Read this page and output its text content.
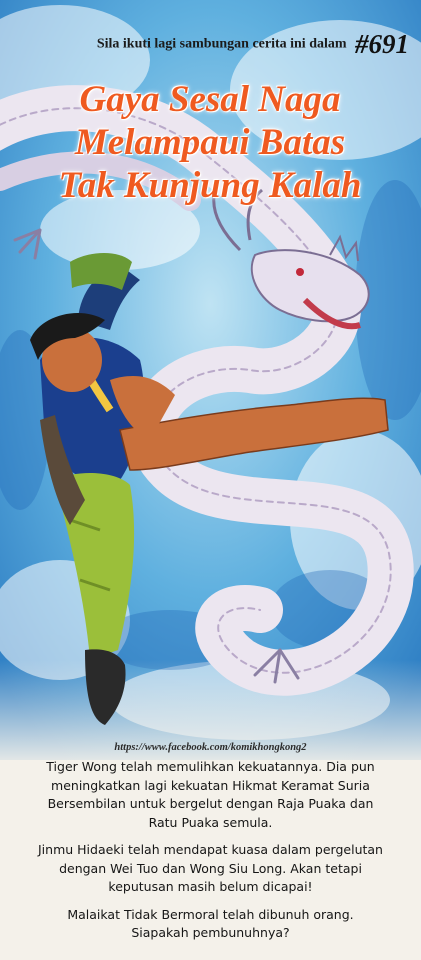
Sila ikuti lagi sambungan cerita ini dalam #691
Gaya Sesal Naga
Melampaui Batas
Tak Kunjung Kalah
https://www.facebook.com/komikhongkong2

Tiger Wong telah memulihkan kekuatannya. Dia pun
meningkatkan lagi kekuatan Hikmat Keramat Suria
Bersembilan untuk bergelut dengan Raja Puaka dan
Ratu Puaka semula.

Jinmu Hidaeki telah mendapat kuasa dalam pergelutan
dengan Wei Tuo dan Wong Siu Long. Akan tetapi
keputusan masih belum dicapai!

Malaikat Tidak Bermoral telah dibunuh orang.
Siapakah pembunuhnya?
